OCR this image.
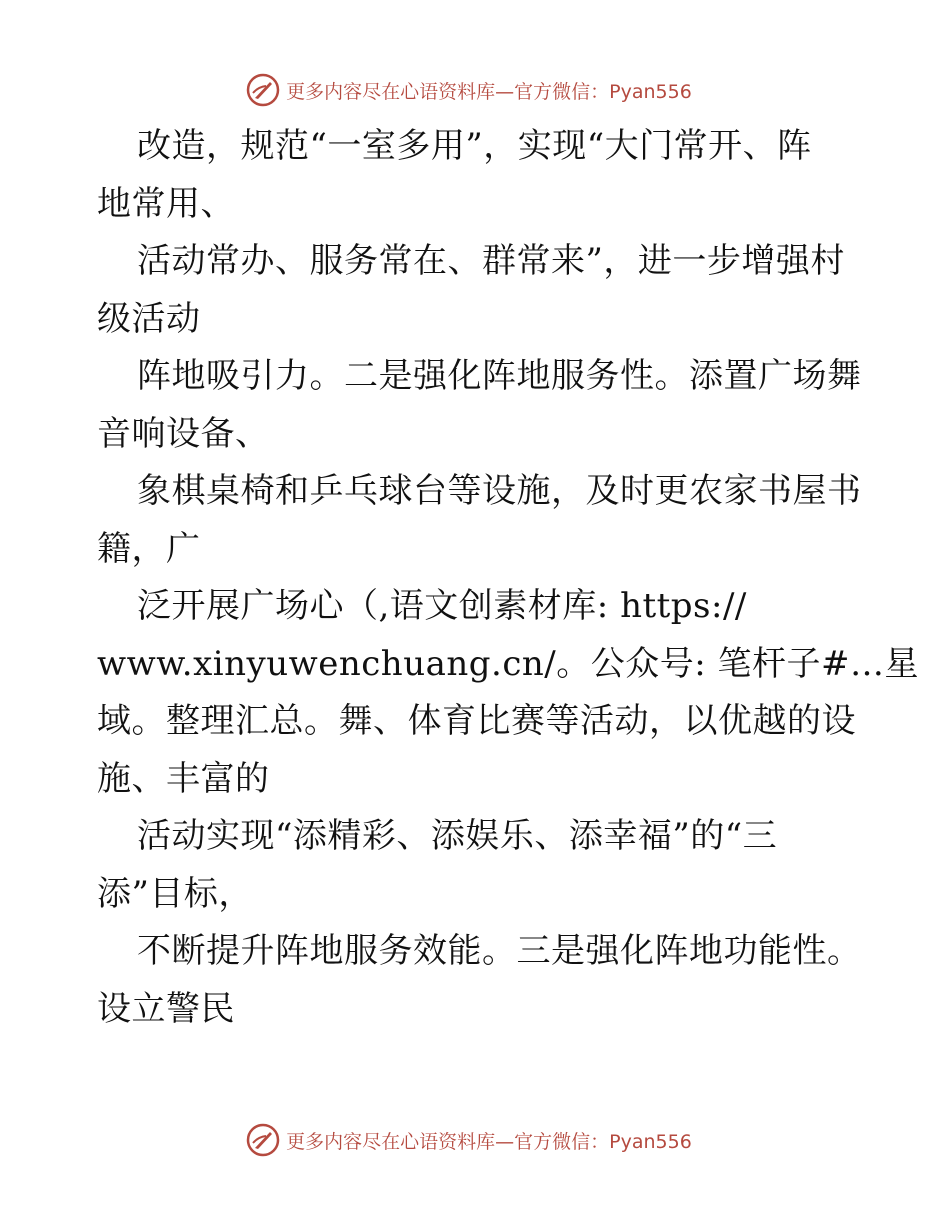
更多内容尽在心语资料库—官方微信：Pyan556
改造，规范“一室多用”，实现“大门常开、阵
地常用、
活动常办、服务常在、群常来”，进一步增强村
级活动
阵地吸引力。二是强化阵地服务性。添置广场舞
音响设备、
象棋桌椅和乒乓球台等设施，及时更农家书屋书
籍，广
泛开展广场心（,语文创素材库: https://
www.xinyuwenchuang.cn/。公众号: 笔杆子#…星
域。整理汇总。舞、体育比赛等活动，以优越的设
施、丰富的
活动实现“添精彩、添娱乐、添幸福”的“三
添”目标，
不断提升阵地服务效能。三是强化阵地功能性。
设立警民
更多内容尽在心语资料库—官方微信：Pyan556
